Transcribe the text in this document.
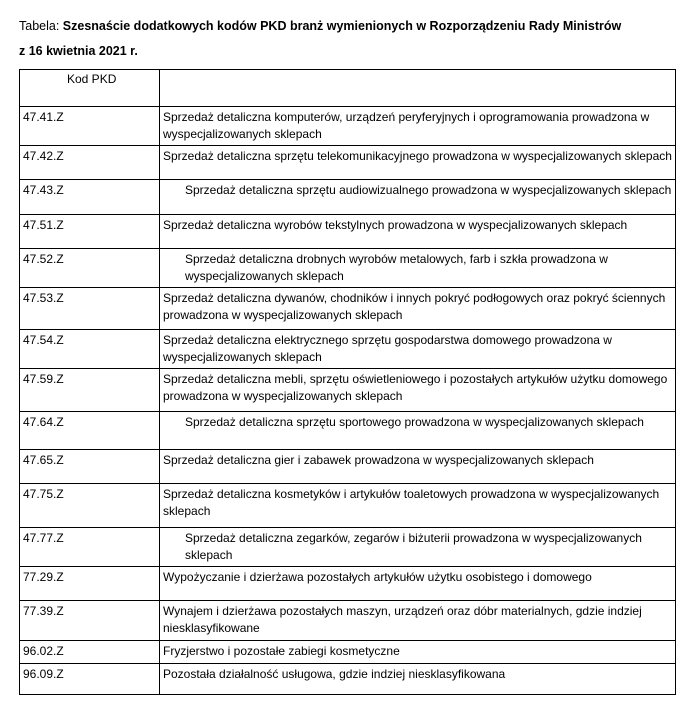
Tabela: Szesnaście dodatkowych kodów PKD branż wymienionych w Rozporządzeniu Rady Ministrów
z 16 kwietnia 2021 r.
Kod PKD	

47.41.Z	Sprzedaż detaliczna komputerów, urządzeń peryferyjnych i oprogramowania prowadzona w wyspecjalizowanych sklepach
47.42.Z	Sprzedaż detaliczna sprzętu telekomunikacyjnego prowadzona w wyspecjalizowanych sklepach
47.43.Z	Sprzedaż detaliczna sprzętu audiowizualnego prowadzona w wyspecjalizowanych sklepach
47.51.Z	Sprzedaż detaliczna wyrobów tekstylnych prowadzona w wyspecjalizowanych sklepach
47.52.Z	Sprzedaż detaliczna drobnych wyrobów metalowych, farb i szkła prowadzona w wyspecjalizowanych sklepach
47.53.Z	Sprzedaż detaliczna dywanów, chodników i innych pokryć podłogowych oraz pokryć ściennych prowadzona w wyspecjalizowanych sklepach
47.54.Z	Sprzedaż detaliczna elektrycznego sprzętu gospodarstwa domowego prowadzona w wyspecjalizowanych sklepach
47.59.Z	Sprzedaż detaliczna mebli, sprzętu oświetleniowego i pozostałych artykułów użytku domowego prowadzona w wyspecjalizowanych sklepach
47.64.Z	Sprzedaż detaliczna sprzętu sportowego prowadzona w wyspecjalizowanych sklepach
47.65.Z	Sprzedaż detaliczna gier i zabawek prowadzona w wyspecjalizowanych sklepach
47.75.Z	Sprzedaż detaliczna kosmetyków i artykułów toaletowych prowadzona w wyspecjalizowanych sklepach
47.77.Z	Sprzedaż detaliczna zegarków, zegarów i biżuterii prowadzona w wyspecjalizowanych sklepach
77.29.Z	Wypożyczanie i dzierżawa pozostałych artykułów użytku osobistego i domowego
77.39.Z	Wynajem i dzierżawa pozostałych maszyn, urządzeń oraz dóbr materialnych, gdzie indziej niesklasyfikowane
96.02.Z	Fryzjerstwo i pozostałe zabiegi kosmetyczne
96.09.Z	Pozostała działalność usługowa, gdzie indziej niesklasyfikowana
